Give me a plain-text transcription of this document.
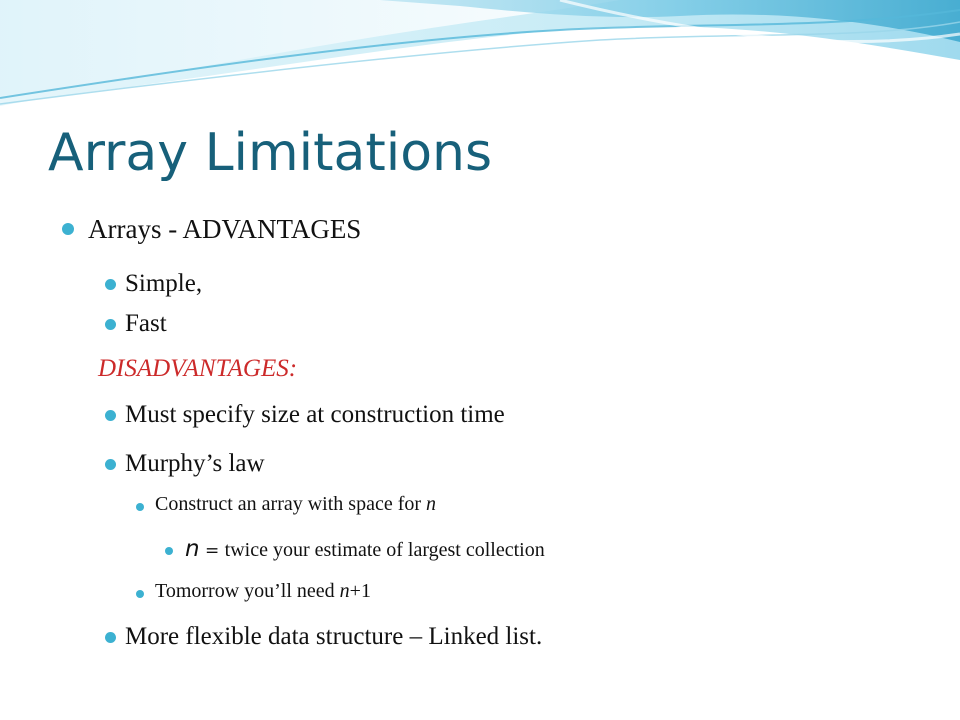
Array Limitations
Arrays - ADVANTAGES
Simple,
Fast
DISADVANTAGES:
Must specify size at construction time
Murphy’s law
Construct an array with space for n
n = twice your estimate of largest collection
Tomorrow you’ll need n+1
More flexible data structure – Linked list.
